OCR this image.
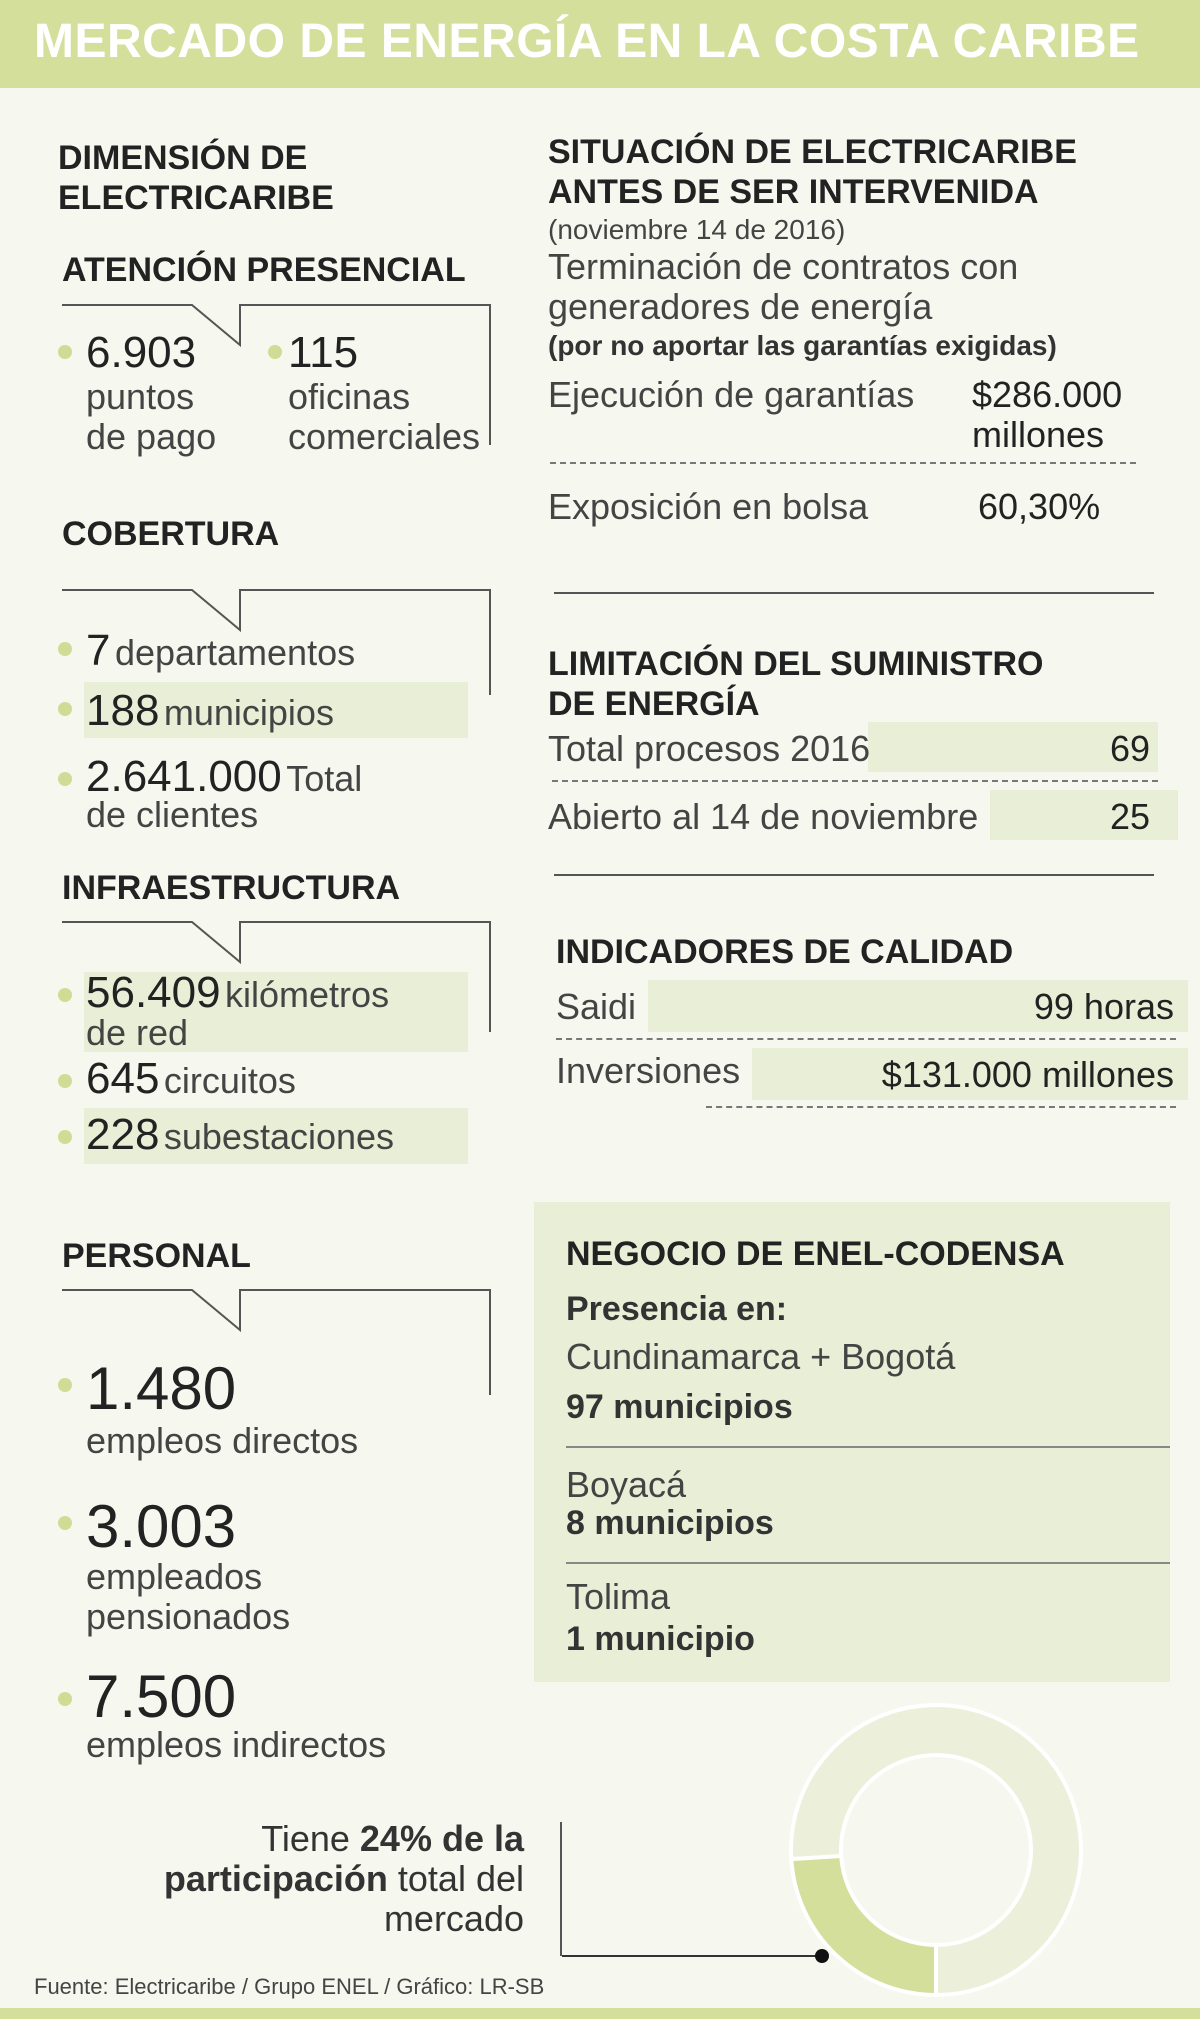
MERCADO DE ENERGÍA EN LA COSTA CARIBE
DIMENSIÓN DE
ELECTRICARIBE
ATENCIÓN PRESENCIAL
6.903
puntos
de pago
115
oficinas
comerciales
COBERTURA
7 departamentos
188 municipios
2.641.000 Total
de clientes
INFRAESTRUCTURA
56.409 kilómetros
de red
645 circuitos
228 subestaciones
PERSONAL
1.480
empleos directos
3.003
empleados
pensionados
7.500
empleos indirectos
SITUACIÓN DE ELECTRICARIBE
ANTES DE SER INTERVENIDA
(noviembre 14 de 2016)
Terminación de contratos con
generadores de energía
(por no aportar las garantías exigidas)
Ejecución de garantías $286.000
millones
Exposición en bolsa	60,30%
LIMITACIÓN DEL SUMINISTRO
DE ENERGÍA
Total procesos 2016	69
Abierto al 14 de noviembre	25
INDICADORES DE CALIDAD
Saidi	99 horas
Inversiones	$131.000 millones
NEGOCIO DE ENEL-CODENSA
Presencia en:
Cundinamarca + Bogotá
97 municipios
Boyacá
8 municipios
Tolima
1 municipio
Tiene 24% de la
participación total del
mercado
Fuente: Electricaribe / Grupo ENEL / Gráfico: LR-SB
